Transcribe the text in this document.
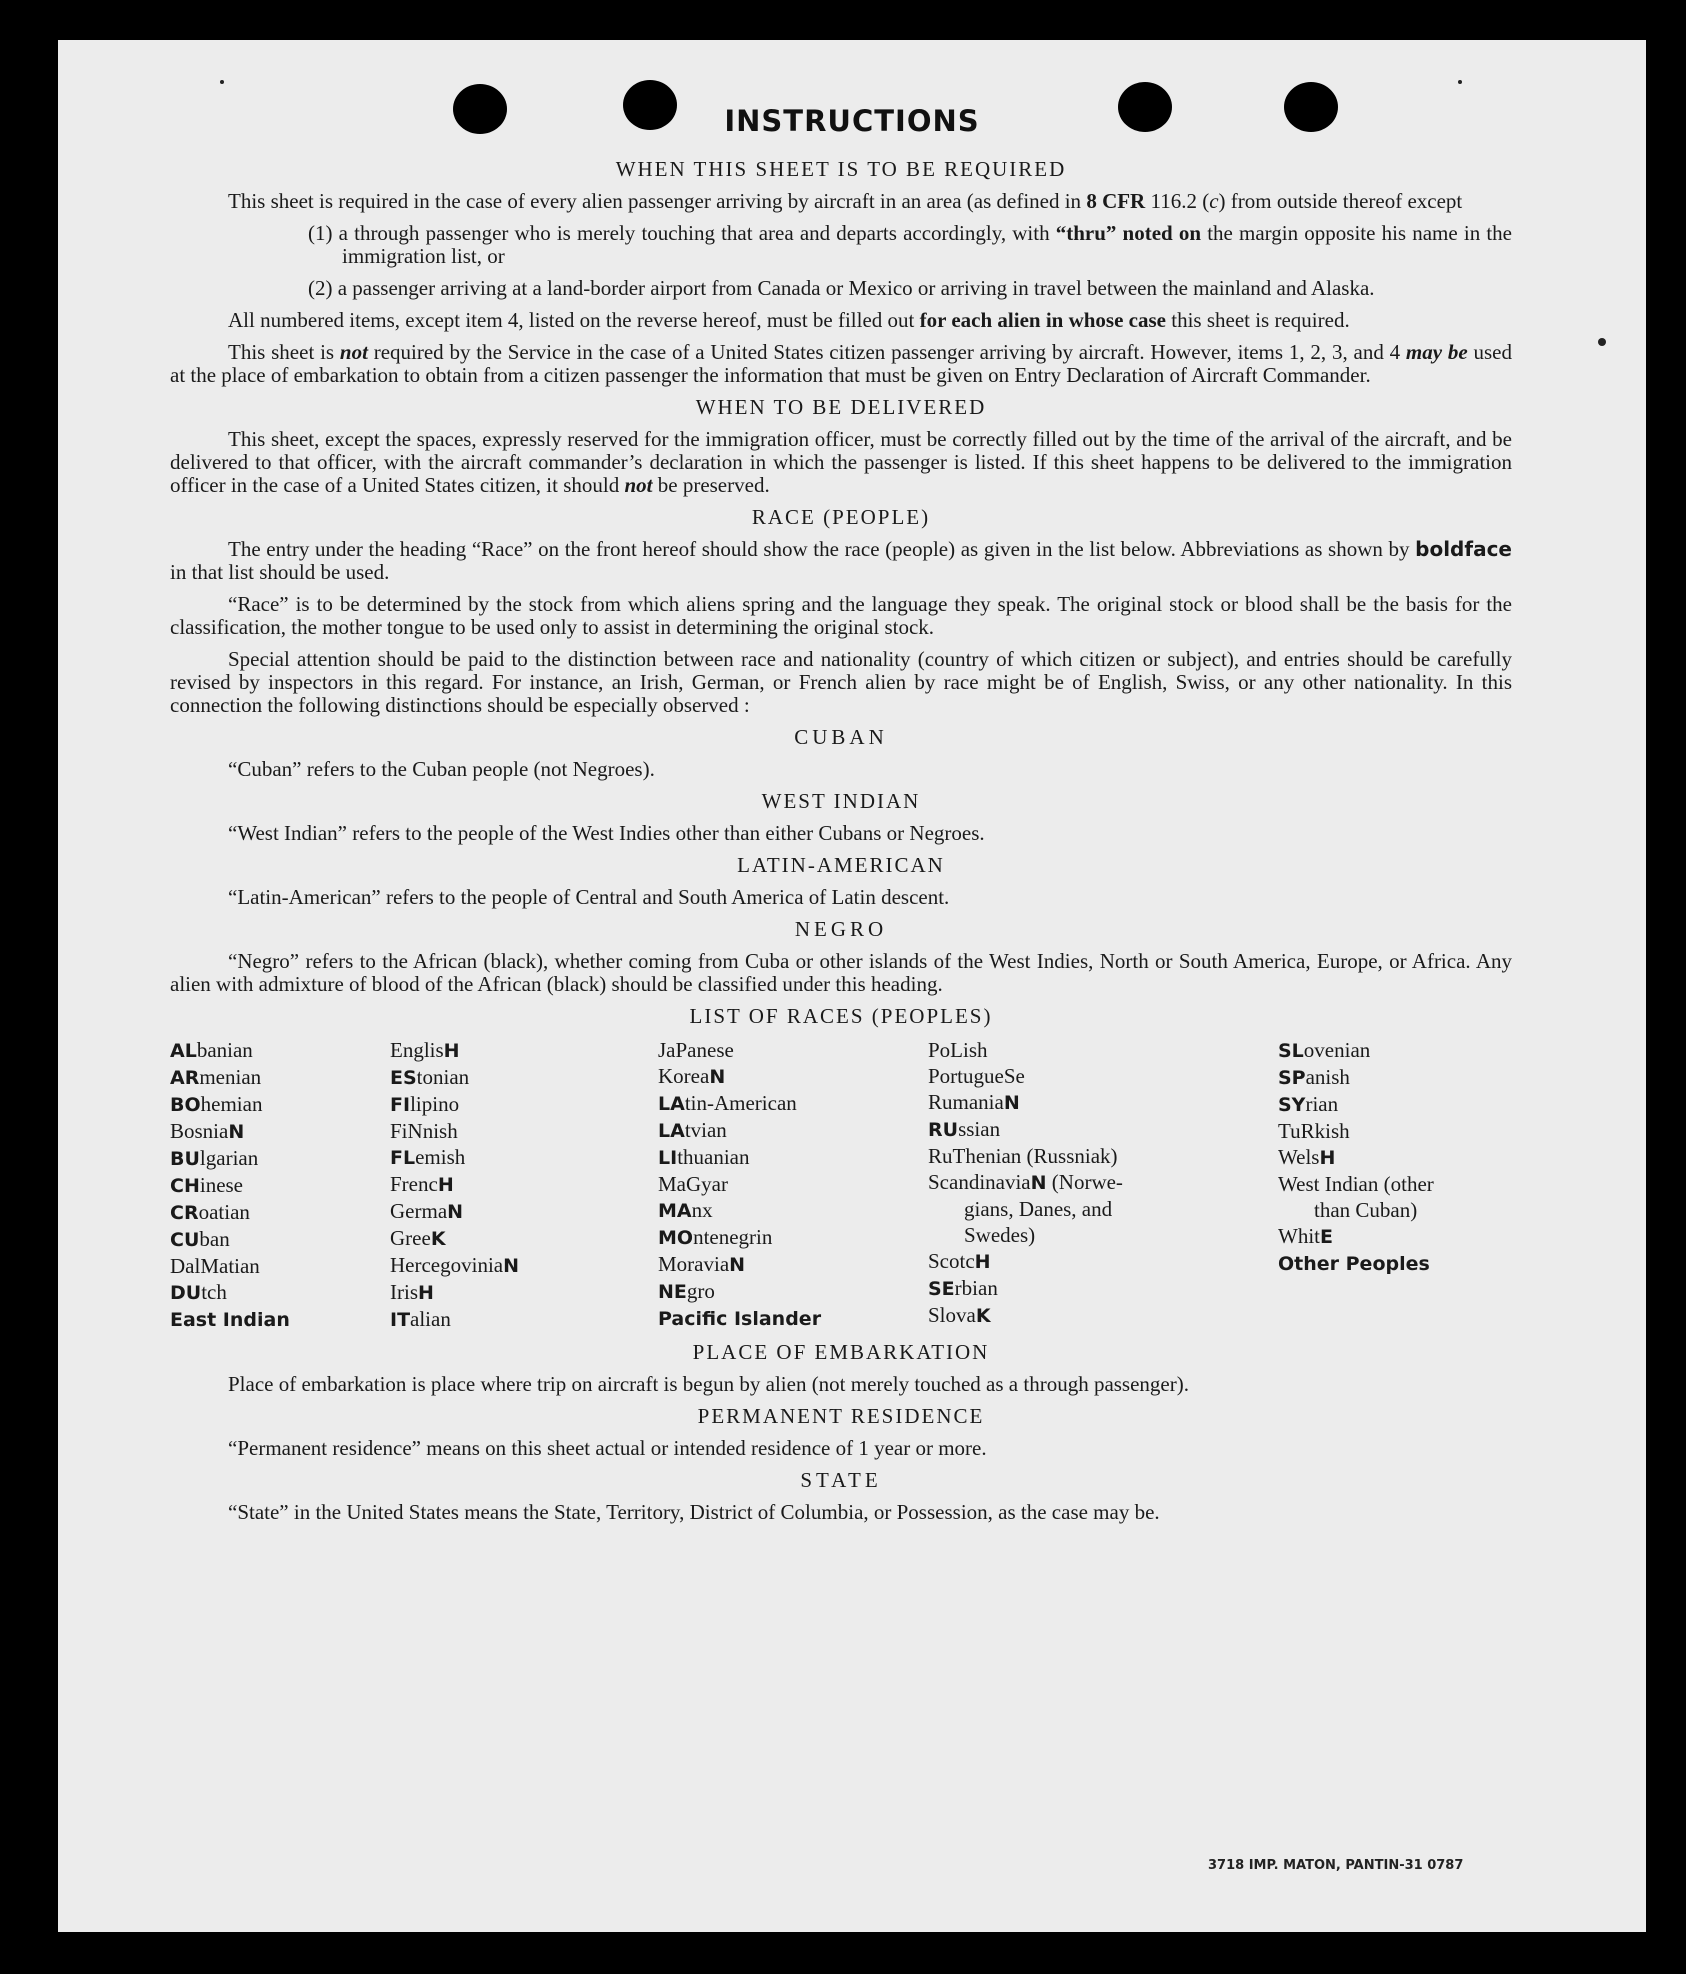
INSTRUCTIONS
WHEN THIS SHEET IS TO BE REQUIRED

This sheet is required in the case of every alien passenger arriving by aircraft in an area (as defined in 8 CFR 116.2 (c) from outside thereof except

(1) a through passenger who is merely touching that area and departs accordingly, with “thru” noted on the margin opposite his name in the immigration list, or
(2) a passenger arriving at a land-border airport from Canada or Mexico or arriving in travel between the mainland and Alaska.

All numbered items, except item 4, listed on the reverse hereof, must be filled out for each alien in whose case this sheet is required.

This sheet is not required by the Service in the case of a United States citizen passenger arriving by aircraft. However, items 1, 2, 3, and 4 may be used at the place of embarkation to obtain from a citizen passenger the information that must be given on Entry Declaration of Aircraft Commander.

WHEN TO BE DELIVERED

This sheet, except the spaces, expressly reserved for the immigration officer, must be correctly filled out by the time of the arrival of the aircraft, and be delivered to that officer, with the aircraft commander’s declaration in which the passenger is listed. If this sheet happens to be delivered to the immigration officer in the case of a United States citizen, it should not be preserved.

RACE (PEOPLE)

The entry under the heading “Race” on the front hereof should show the race (people) as given in the list below. Abbreviations as shown by boldface in that list should be used.

“Race” is to be determined by the stock from which aliens spring and the language they speak. The original stock or blood shall be the basis for the classification, the mother tongue to be used only to assist in determining the original stock.

Special attention should be paid to the distinction between race and nationality (country of which citizen or subject), and entries should be carefully revised by inspectors in this regard. For instance, an Irish, German, or French alien by race might be of English, Swiss, or any other nationality. In this connection the following distinctions should be especially observed :

CUBAN

“Cuban” refers to the Cuban people (not Negroes).

WEST INDIAN

“West Indian” refers to the people of the West Indies other than either Cubans or Negroes.

LATIN-AMERICAN

“Latin-American” refers to the people of Central and South America of Latin descent.

NEGRO

“Negro” refers to the African (black), whether coming from Cuba or other islands of the West Indies, North or South America, Europe, or Africa. Any alien with admixture of blood of the African (black) should be classified under this heading.

LIST OF RACES (PEOPLES)
ALbanian
ARmenian
BOhemian
BosniaN
BUlgarian
CHinese
CRoatian
CUban
DalMatian
DUtch
East Indian
EnglisH
EStonian
FIlipino
FiNnish
FLemish
FrencH
GermaN
GreeK
HercegoviniaN
IrisH
ITalian
JaPanese
KoreaN
LAtin-American
LAtvian
LIthuanian
MaGyar
MAnx
MOntenegrin
MoraviaN
NEgro
Pacific Islander
PoLish
PortugueSe
RumaniaN
RUssian
RuThenian (Russniak)
ScandinaviaN (Norwe-
gians, Danes, and
Swedes)
ScotcH
SErbian
SlovaK
SLovenian
SPanish
SYrian
TuRkish
WelsH
West Indian (other
than Cuban)
WhitE
Other Peoples
PLACE OF EMBARKATION

Place of embarkation is place where trip on aircraft is begun by alien (not merely touched as a through passenger).

PERMANENT RESIDENCE

“Permanent residence” means on this sheet actual or intended residence of 1 year or more.

STATE

“State” in the United States means the State, Territory, District of Columbia, or Possession, as the case may be.

3718 IMP. MATON, PANTIN-31 0787
